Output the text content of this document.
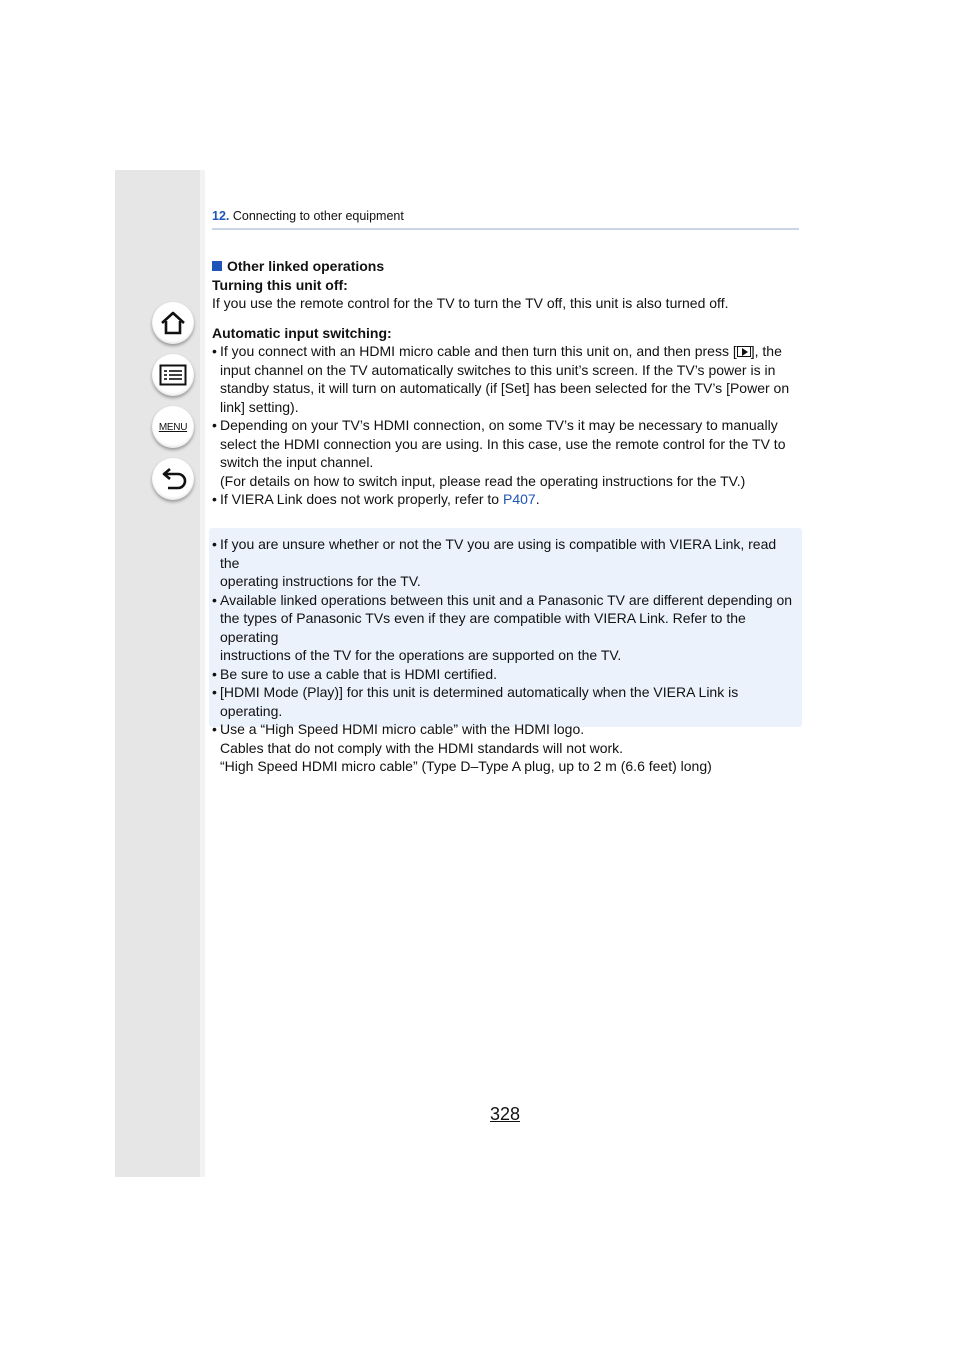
MENU
12. Connecting to other equipment

Other linked operations

Turning this unit off:

If you use the remote control for the TV to turn the TV off, this unit is also turned off.

Automatic input switching:

• If you connect with an HDMI micro cable and then turn this unit on, and then press [ ], the

input channel on the TV automatically switches to this unit’s screen. If the TV’s power is in

standby status, it will turn on automatically (if [Set] has been selected for the TV’s [Power on

link] setting).

• Depending on your TV’s HDMI connection, on some TV’s it may be necessary to manually

select the HDMI connection you are using. In this case, use the remote control for the TV to

switch the input channel.

(For details on how to switch input, please read the operating instructions for the TV.)

• If VIERA Link does not work properly, refer to P407.

• If you are unsure whether or not the TV you are using is compatible with VIERA Link, read the

operating instructions for the TV.

• Available linked operations between this unit and a Panasonic TV are different depending on

the types of Panasonic TVs even if they are compatible with VIERA Link. Refer to the operating

instructions of the TV for the operations are supported on the TV.

• Be sure to use a cable that is HDMI certified.

• [HDMI Mode (Play)] for this unit is determined automatically when the VIERA Link is operating.

• Use a “High Speed HDMI micro cable” with the HDMI logo.

Cables that do not comply with the HDMI standards will not work.

“High Speed HDMI micro cable” (Type D–Type A plug, up to 2 m (6.6 feet) long)

328
